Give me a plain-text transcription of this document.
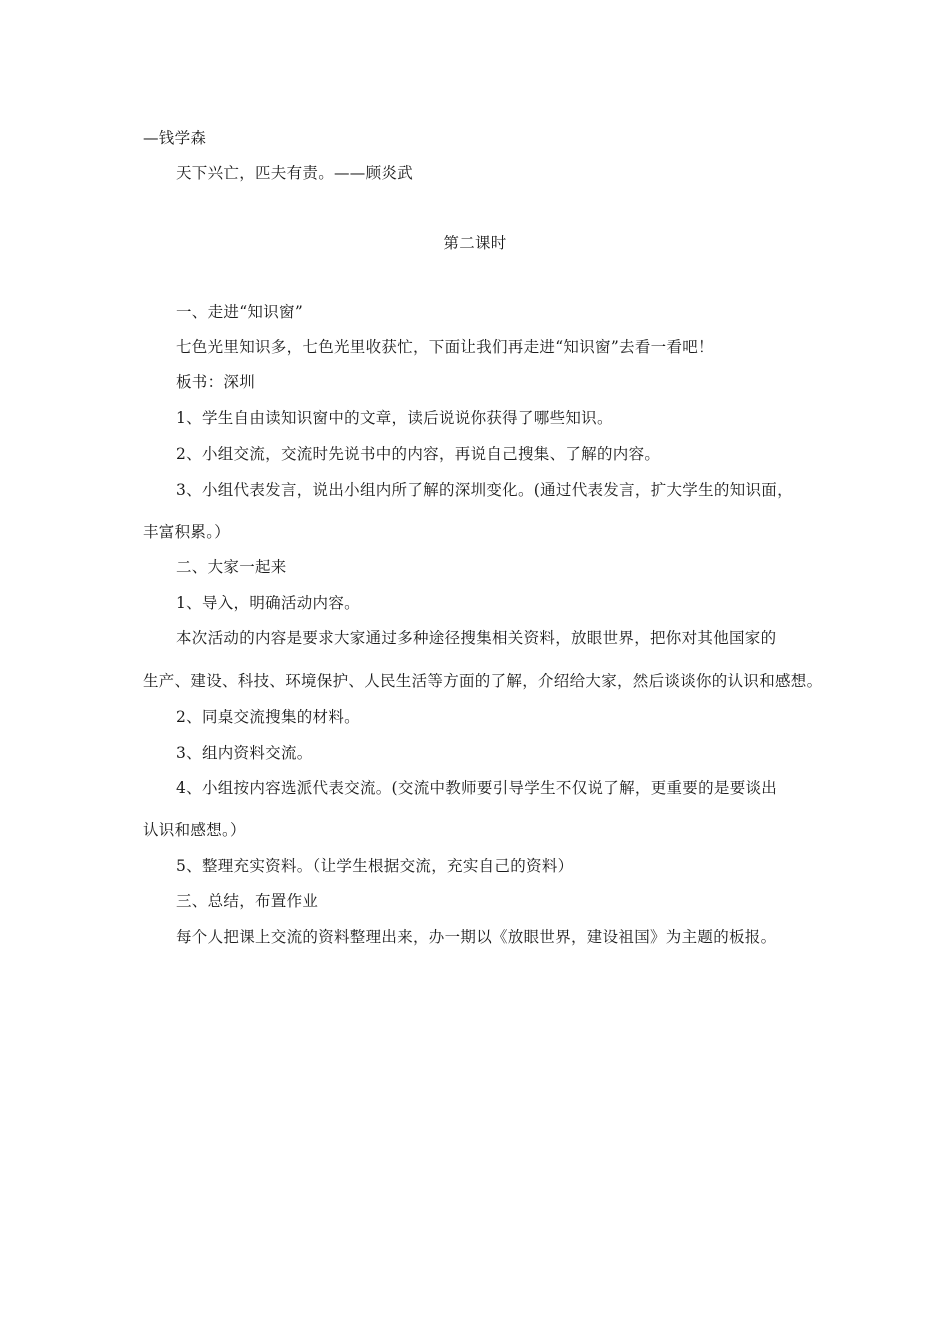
—钱学森
天下兴亡，匹夫有责。——顾炎武
第二课时
一、走进“知识窗”
七色光里知识多，七色光里收获忙，下面让我们再走进“知识窗”去看一看吧！
板书：深圳
1、学生自由读知识窗中的文章，读后说说你获得了哪些知识。
2、小组交流，交流时先说书中的内容，再说自己搜集、了解的内容。
3、小组代表发言，说出小组内所了解的深圳变化。(通过代表发言，扩大学生的知识面，
丰富积累。）
二、大家一起来
1、导入，明确活动内容。
本次活动的内容是要求大家通过多种途径搜集相关资料，放眼世界，把你对其他国家的
生产、建设、科技、环境保护、人民生活等方面的了解，介绍给大家，然后谈谈你的认识和感想。
2、同桌交流搜集的材料。
3、组内资料交流。
4、小组按内容选派代表交流。(交流中教师要引导学生不仅说了解，更重要的是要谈出
认识和感想。）
5、整理充实资料。（让学生根据交流，充实自己的资料）
三、总结，布置作业
每个人把课上交流的资料整理出来，办一期以《放眼世界，建设祖国》为主题的板报。
